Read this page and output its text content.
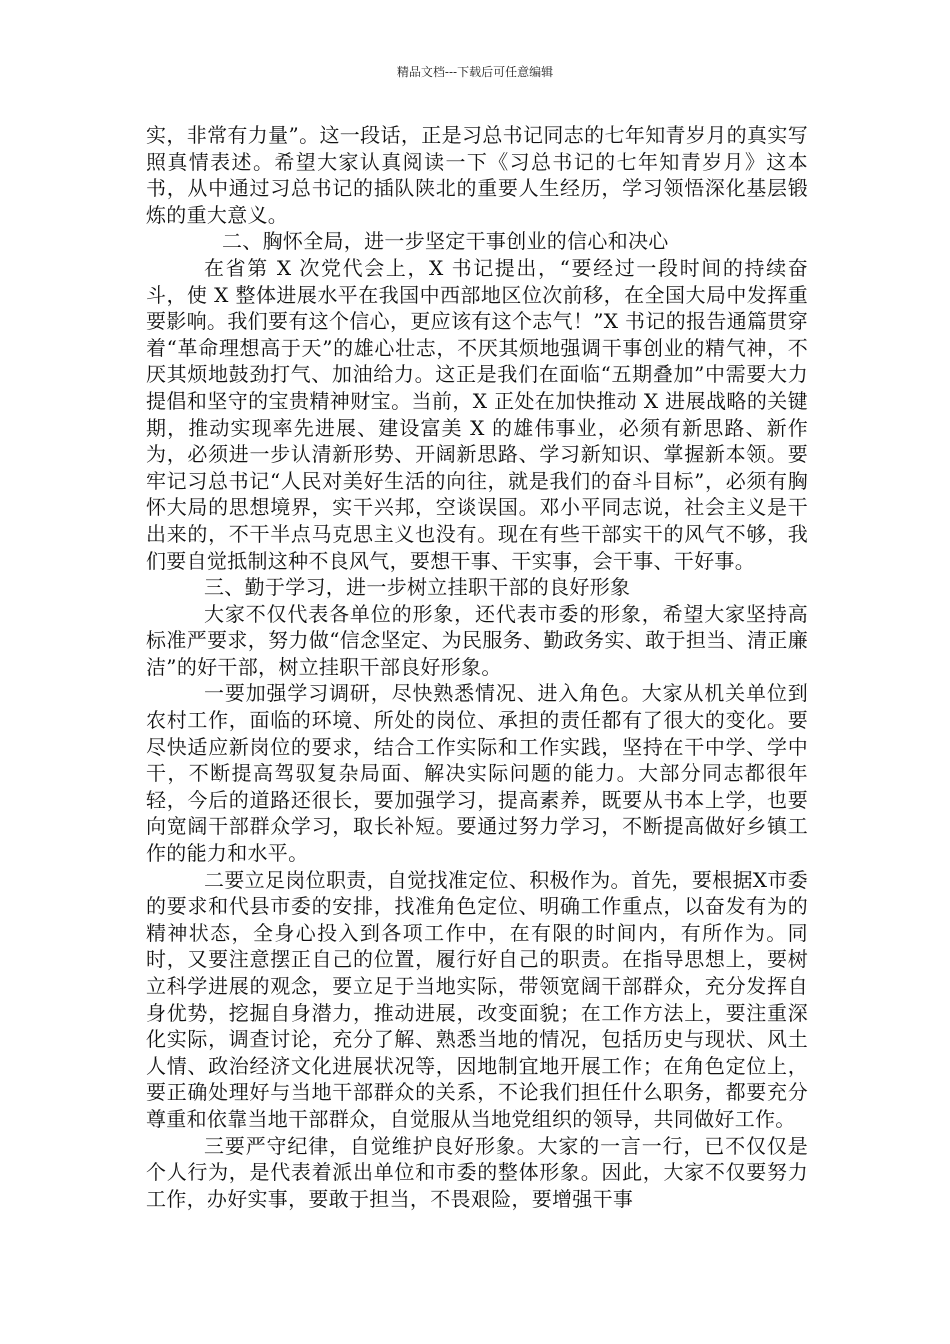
精品文档---下载后可任意编辑

实，非常有力量”。这一段话，正是习总书记同志的七年知青岁月的真实写照真情表述。希望大家认真阅读一下《习总书记的七年知青岁月》这本书，从中通过习总书记的插队陕北的重要人生经历，学习领悟深化基层锻炼的重大意义。

二、胸怀全局，进一步坚定干事创业的信心和决心

在省第 X 次党代会上，X 书记提出，“要经过一段时间的持续奋斗，使 X 整体进展水平在我国中西部地区位次前移，在全国大局中发挥重要影响。我们要有这个信心，更应该有这个志气！”X 书记的报告通篇贯穿着“革命理想高于天”的雄心壮志，不厌其烦地强调干事创业的精气神，不厌其烦地鼓劲打气、加油给力。这正是我们在面临“五期叠加”中需要大力提倡和坚守的宝贵精神财宝。当前，X 正处在加快推动 X 进展战略的关键期，推动实现率先进展、建设富美 X 的雄伟事业，必须有新思路、新作为，必须进一步认清新形势、开阔新思路、学习新知识、掌握新本领。要牢记习总书记“人民对美好生活的向往，就是我们的奋斗目标”，必须有胸怀大局的思想境界，实干兴邦，空谈误国。邓小平同志说，社会主义是干出来的，不干半点马克思主义也没有。现在有些干部实干的风气不够，我们要自觉抵制这种不良风气，要想干事、干实事，会干事、干好事。

三、勤于学习，进一步树立挂职干部的良好形象

大家不仅代表各单位的形象，还代表市委的形象，希望大家坚持高标准严要求，努力做“信念坚定、为民服务、勤政务实、敢于担当、清正廉洁”的好干部，树立挂职干部良好形象。

一要加强学习调研，尽快熟悉情况、进入角色。大家从机关单位到农村工作，面临的环境、所处的岗位、承担的责任都有了很大的变化。要尽快适应新岗位的要求，结合工作实际和工作实践，坚持在干中学、学中干，不断提高驾驭复杂局面、解决实际问题的能力。大部分同志都很年轻，今后的道路还很长，要加强学习，提高素养，既要从书本上学，也要向宽阔干部群众学习，取长补短。要通过努力学习，不断提高做好乡镇工作的能力和水平。

二要立足岗位职责，自觉找准定位、积极作为。首先，要根据X市委的要求和代县市委的安排，找准角色定位、明确工作重点，以奋发有为的精神状态，全身心投入到各项工作中，在有限的时间内，有所作为。同时，又要注意摆正自己的位置，履行好自己的职责。在指导思想上，要树立科学进展的观念，要立足于当地实际，带领宽阔干部群众，充分发挥自身优势，挖掘自身潜力，推动进展，改变面貌；在工作方法上，要注重深化实际，调查讨论，充分了解、熟悉当地的情况，包括历史与现状、风土人情、政治经济文化进展状况等，因地制宜地开展工作；在角色定位上，要正确处理好与当地干部群众的关系，不论我们担任什么职务，都要充分尊重和依靠当地干部群众，自觉服从当地党组织的领导，共同做好工作。

三要严守纪律，自觉维护良好形象。大家的一言一行，已不仅仅是个人行为，是代表着派出单位和市委的整体形象。因此，大家不仅要努力工作，办好实事，要敢于担当，不畏艰险，要增强干事
